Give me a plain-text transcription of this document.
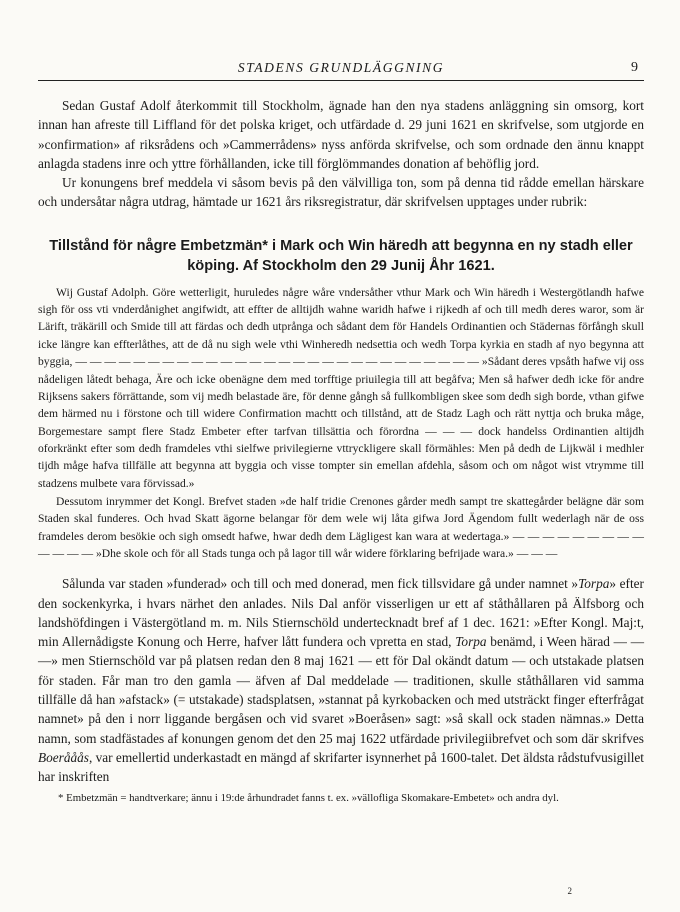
STADENS GRUNDLÄGGNING	9

Sedan Gustaf Adolf återkommit till Stockholm, ägnade han den nya stadens anläggning sin omsorg, kort innan han afreste till Liffland för det polska kriget, och utfärdade d. 29 juni 1621 en skrifvelse, som utgjorde en »confirmation» af riksrådens och »Cammerrådens» nyss anförda skrifvelse, och som ordnade den ännu knappt anlagda stadens inre och yttre förhållanden, icke till förglömmandes donation af behöflig jord.

Ur konungens bref meddela vi såsom bevis på den välvilliga ton, som på denna tid rådde emellan härskare och undersåtar några utdrag, hämtade ur 1621 års riksregistratur, där skrifvelsen upptages under rubrik:

Tillstånd för någre Embetzmän* i Mark och Win häredh att begynna en ny stadh eller köping. Af Stockholm den 29 Junij Åhr 1621.

Wij Gustaf Adolph. Göre wetterligit, huruledes någre wåre vndersåther vthur Mark och Win häredh i Westergötlandh hafwe sigh för oss vti vnderdånighet angifwidt, att effter de alltijdh wahne waridh hafwe i rijkedh af och till medh deres waror, som är Lärift, träkärill och Smide till att färdas och dedh utprånga och sådant dem för Handels Ordinantien och Städernas förfångh skull icke längre kan effterlåthes, att de då nu sigh wele vthi Winheredh nedsettia och wedh Torpa kyrkia en stadh af nyo begynna att byggia, — — — — — — — — — — — — — — — — — — — — — — — — — — — — »Sådant deres vpsåth hafwe vij oss nådeligen låtedt behaga, Äre och icke obenägne dem med torfftige priuilegia till att begåfva; Men så hafwer dedh icke för andre Rijksens sakers förrättande, som vij medh belastade äre, för denne gångh så fullkombligen skee som dedh sigh borde, vthan gifwe dem härmed nu i förstone och till widere Confirmation machtt och tillstånd, att de Stadz Lagh och rätt nyttja och bruka måge, Borgemestare sampt flere Stadz Embeter efter tarfvan tillsättia och förordna — — — dock handelss Ordinantien altijdh oforkränkt efter som dedh framdeles vthi sielfwe privilegierne vttryckligere skall förmähles: Men på dedh de Lijkwäl i medhler tijdh måge hafva tillfälle att begynna att byggia och visse tompter sin emellan afdehla, såsom och om något wist vtrymme till stadzens mulbete vara förvissad.»

Dessutom inrymmer det Kongl. Brefvet staden »de half tridie Crenones gårder medh sampt tre skattegårder belägne där som Staden skal funderes. Och hvad Skatt ägorne belangar för dem wele wij låta gifwa Jord Ägendom fullt wederlagh när de oss framdeles derom besökie och sigh omsedt hafwe, hwar dedh dem Lägligest kan wara at wedertaga.» — — — — — — — — — — — — — »Dhe skole och för all Stads tunga och på lagor till wår widere förklaring befrijade wara.» — — —

Sålunda var staden »funderad» och till och med donerad, men fick tillsvidare gå under namnet »Torpa» efter den sockenkyrka, i hvars närhet den anlades. Nils Dal anför visserligen ur ett af ståthållaren på Älfsborg och landshöfdingen i Västergötland m. m. Nils Stiernschöld undertecknadt bref af 1 dec. 1621: »Efter Kongl. Maj:t, min Allernådigste Konung och Herre, hafver lått fundera och vpretta en stad, Torpa benämd, i Ween härad — — —» men Stiernschöld var på platsen redan den 8 maj 1621 — ett för Dal okändt datum — och utstakade platsen för staden. Får man tro den gamla — äfven af Dal meddelade — traditionen, skulle ståthållaren vid samma tillfälle då han »afstack» (= utstakade) stadsplatsen, »stannat på kyrkobacken och med utsträckt finger efterfrågat namnet» på den i norr liggande bergåsen och vid svaret »Boeråsen» sagt: »så skall ock staden nämnas.» Detta namn, som stadfästades af konungen genom det den 25 maj 1622 utfärdade privilegiibrefvet och som där skrifves Boerååås, var emellertid underkastadt en mängd af skrifarter isynnerhet på 1600-talet. Det äldsta rådstufvusigillet har inskriften

* Embetzmän = handtverkare; ännu i 19:de århundradet fanns t. ex. »vällofliga Skomakare-Embetet» och andra dyl.

2
